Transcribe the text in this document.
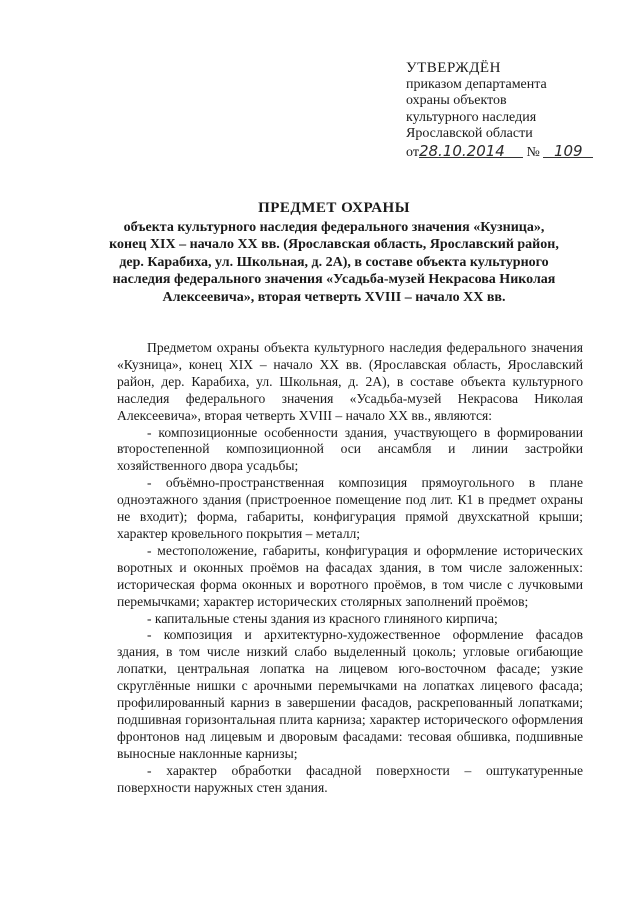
УТВЕРЖДЁН
приказом департамента
охраны объектов
культурного наследия
Ярославской области
от28.10.2014 № 109
ПРЕДМЕТ ОХРАНЫ
объекта культурного наследия федерального значения «Кузница», конец XIX – начало XX вв. (Ярославская область, Ярославский район, дер. Карабиха, ул. Школьная, д. 2А), в составе объекта культурного наследия федерального значения «Усадьба-музей Некрасова Николая Алексеевича», вторая четверть XVIII – начало XX вв.

Предметом охраны объекта культурного наследия федерального значения «Кузница», конец XIX – начало XX вв. (Ярославская область, Ярославский район, дер. Карабиха, ул. Школьная, д. 2А), в составе объекта культурного наследия федерального значения «Усадьба-музей Некрасова Николая Алексеевича», вторая четверть XVIII – начало XX вв., являются:

- композиционные особенности здания, участвующего в формировании второстепенной композиционной оси ансамбля и линии застройки хозяйственного двора усадьбы;

- объёмно-пространственная композиция прямоугольного в плане одноэтажного здания (пристроенное помещение под лит. К1 в предмет охраны не входит); форма, габариты, конфигурация прямой двухскатной крыши; характер кровельного покрытия – металл;

- местоположение, габариты, конфигурация и оформление исторических воротных и оконных проёмов на фасадах здания, в том числе заложенных: историческая форма оконных и воротного проёмов, в том числе с лучковыми перемычками; характер исторических столярных заполнений проёмов;

- капитальные стены здания из красного глиняного кирпича;

- композиция и архитектурно-художественное оформление фасадов здания, в том числе низкий слабо выделенный цоколь; угловые огибающие лопатки, центральная лопатка на лицевом юго-восточном фасаде; узкие скруглённые нишки с арочными перемычками на лопатках лицевого фасада; профилированный карниз в завершении фасадов, раскрепованный лопатками; подшивная горизонтальная плита карниза; характер исторического оформления фронтонов над лицевым и дворовым фасадами: тесовая обшивка, подшивные выносные наклонные карнизы;

- характер обработки фасадной поверхности – оштукатуренные поверхности наружных стен здания.
